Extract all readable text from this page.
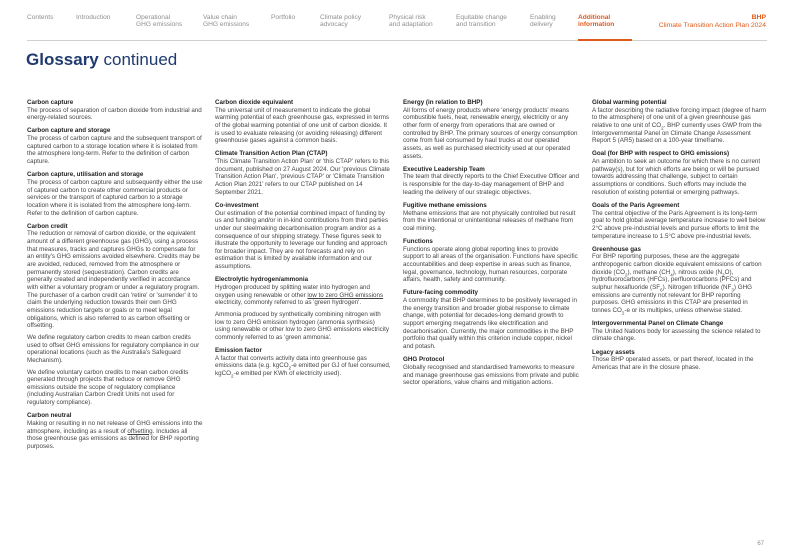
Contents	Introduction	Operational
GHG emissions
Value chain
GHG emissions
Portfolio	Climate policy
advocacy
Physical risk
and adaptation
Equitable change
and transition
Enabling
delivery
Additional
information
BHP
Climate Transition Action Plan 2024
Glossary continued
Carbon capture

The process of separation of carbon dioxide from industrial and energy-related sources.

Carbon capture and storage

The process of carbon capture and the subsequent transport of captured carbon to a storage location where it is isolated from the atmosphere long-term. Refer to the definition of carbon capture.

Carbon capture, utilisation and storage

The process of carbon capture and subsequently either the use of captured carbon to create other commercial products or services or the transport of captured carbon to a storage location where it is isolated from the atmosphere long-term. Refer to the definition of carbon capture.

Carbon credit

The reduction or removal of carbon dioxide, or the equivalent amount of a different greenhouse gas (GHG), using a process that measures, tracks and captures GHGs to compensate for an entity's GHG emissions avoided elsewhere. Credits may be are avoided, reduced, removed from the atmosphere or permanently stored (sequestration). Carbon credits are generally created and independently verified in accordance with either a voluntary program or under a regulatory program. The purchaser of a carbon credit can 'retire' or 'surrender' it to claim the underlying reduction towards their own GHG emissions reduction targets or goals or to meet legal obligations, which is also referred to as carbon offsetting or offsetting.

We define regulatory carbon credits to mean carbon credits used to offset GHG emissions for regulatory compliance in our operational locations (such as the Australia's Safeguard Mechanism).

We define voluntary carbon credits to mean carbon credits generated through projects that reduce or remove GHG emissions outside the scope of regulatory compliance (including Australian Carbon Credit Units not used for regulatory compliance).

Carbon neutral

Making or resulting in no net release of GHG emissions into the atmosphere, including as a result of offsetting. Includes all those greenhouse gas emissions as defined for BHP reporting purposes.

Carbon dioxide equivalent

The universal unit of measurement to indicate the global warming potential of each greenhouse gas, expressed in terms of the global warming potential of one unit of carbon dioxide. It is used to evaluate releasing (or avoiding releasing) different greenhouse gases against a common basis.

Climate Transition Action Plan (CTAP)

'This Climate Transition Action Plan' or 'this CTAP' refers to this document, published on 27 August 2024. Our 'previous Climate Transition Action Plan', 'previous CTAP' or 'Climate Transition Action Plan 2021' refers to our CTAP published on 14 September 2021.

Co-investment

Our estimation of the potential combined impact of funding by us and funding and/or in in-kind contributions from third parties under our steelmaking decarbonisation program and/or as a consequence of our shipping strategy. These figures seek to illustrate the opportunity to leverage our funding and approach for broader impact. They are not forecasts and rely on estimation that is limited by available information and our assumptions.

Electrolytic hydrogen/ammonia

Hydrogen produced by splitting water into hydrogen and oxygen using renewable or other low to zero GHG emissions electricity, commonly referred to as 'green hydrogen'.

Ammonia produced by synthetically combining nitrogen with low to zero GHG emission hydrogen (ammonia synthesis) using renewable or other low to zero GHG emissions electricity commonly referred to as 'green ammonia'.

Emission factor

A factor that converts activity data into greenhouse gas emissions data (e.g. kgCO$_2$-e emitted per GJ of fuel consumed, kgCO$_2$-e emitted per KWh of electricity used).

Energy (in relation to BHP)

All forms of energy products where 'energy products' means combustible fuels, heat, renewable energy, electricity or any other form of energy from operations that are owned or controlled by BHP. The primary sources of energy consumption come from fuel consumed by haul trucks at our operated assets, as well as purchased electricity used at our operated assets.

Executive Leadership Team

The team that directly reports to the Chief Executive Officer and is responsible for the day-to-day management of BHP and leading the delivery of our strategic objectives.

Fugitive methane emissions

Methane emissions that are not physically controlled but result from the intentional or unintentional releases of methane from coal mining.

Functions

Functions operate along global reporting lines to provide support to all areas of the organisation. Functions have specific accountabilities and deep expertise in areas such as finance, legal, governance, technology, human resources, corporate affairs, health, safety and community.

Future-facing commodity

A commodity that BHP determines to be positively leveraged in the energy transition and broader global response to climate change, with potential for decades-long demand growth to support emerging megatrends like electrification and decarbonisation. Currently, the major commodities in the BHP portfolio that qualify within this criterion include copper, nickel and potash.

GHG Protocol

Globally recognised and standardised frameworks to measure and manage greenhouse gas emissions from private and public sector operations, value chains and mitigation actions.

Global warming potential

A factor describing the radiative forcing impact (degree of harm to the atmosphere) of one unit of a given greenhouse gas relative to one unit of $CO_2$. BHP currently uses GWP from the Intergovernmental Panel on Climate Change Assessment Report 5 (AR5) based on a 100-year timeframe.

Goal (for BHP with respect to GHG emissions)

An ambition to seek an outcome for which there is no current pathway(s), but for which efforts are being or will be pursued towards addressing that challenge, subject to certain assumptions or conditions. Such efforts may include the resolution of existing potential or emerging pathways.

Goals of the Paris Agreement

The central objective of the Paris Agreement is its long-term goal to hold global average temperature increase to well below 2°C above pre-industrial levels and pursue efforts to limit the temperature increase to 1.5°C above pre-industrial levels.

Greenhouse gas

For BHP reporting purposes, these are the aggregate anthropogenic carbon dioxide equivalent emissions of carbon dioxide $(CO_2)$, methane $(CH_4)$, nitrous oxide $(N_2O)$, hydrofluorocarbons (HFCs), perfluorocarbons (PFCs) and sulphur hexafluoride $(SF_6)$. Nitrogen trifluoride $(NF_3)$ GHG emissions are currently not relevant for BHP reporting purposes. GHG emissions in this CTAP are presented in tonnes $CO_2-e$ or its multiples, unless otherwise stated.

Intergovernmental Panel on Climate Change

The United Nations body for assessing the science related to climate change.

Legacy assets

Those BHP operated assets, or part thereof, located in the Americas that are in the closure phase.

67
